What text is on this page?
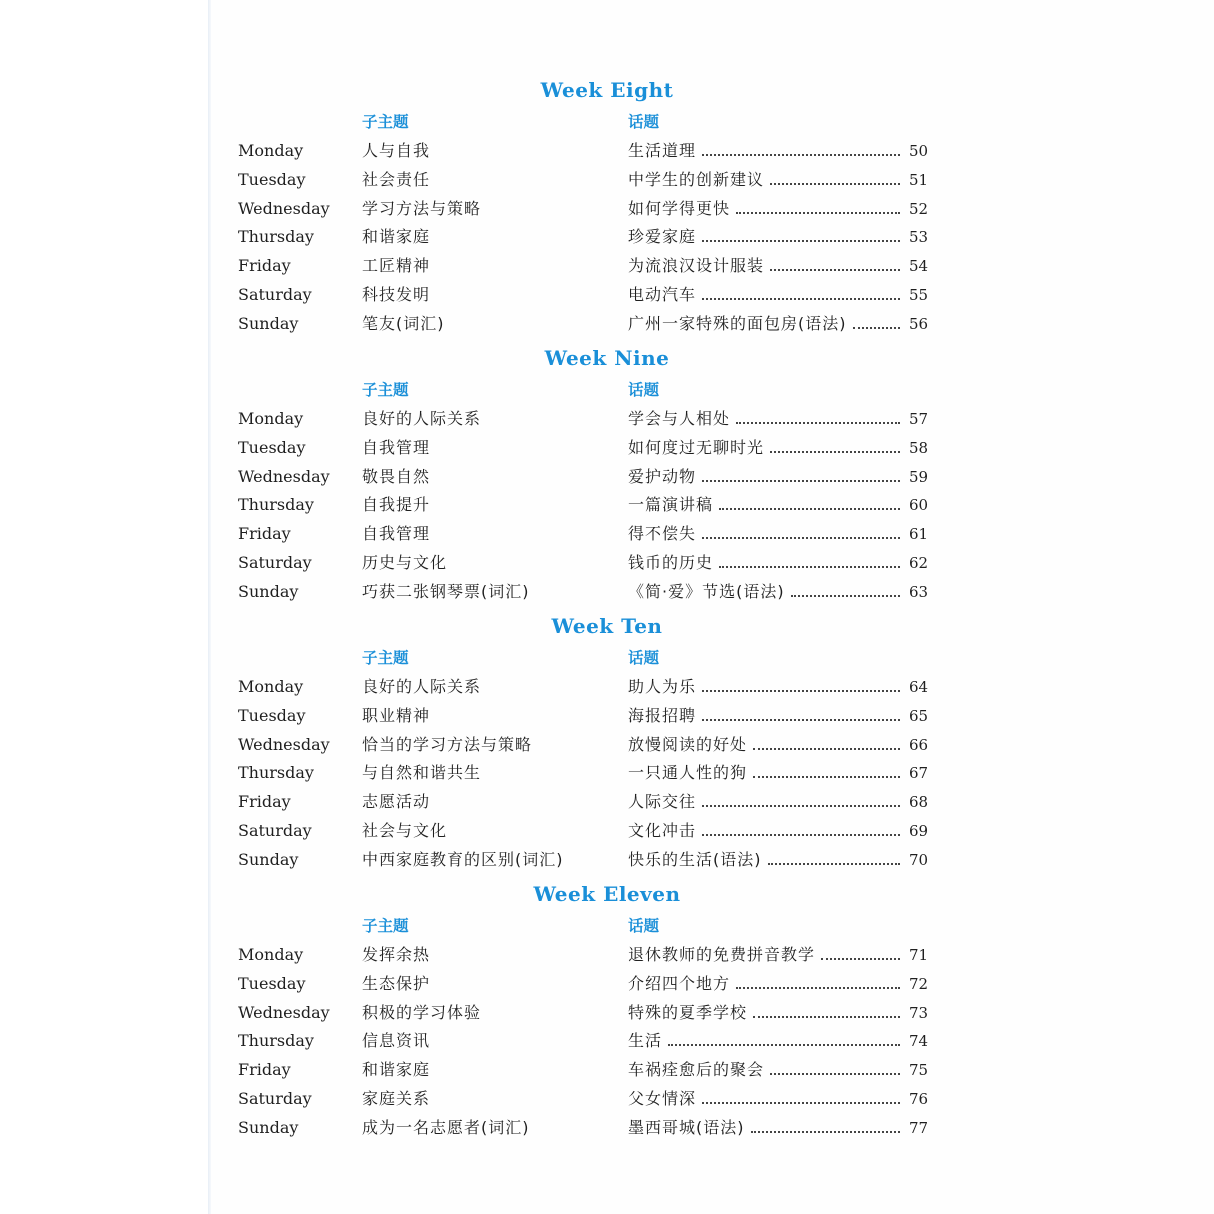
Week Eight
子主题	话题
Monday	人与自我	生活道理	50
Tuesday	社会责任	中学生的创新建议	51
Wednesday 学习方法与策略	如何学得更快	52
Thursday	和谐家庭	珍爱家庭	53
Friday	工匠精神	为流浪汉设计服装	54
Saturday	科技发明	电动汽车	55
Sunday	笔友(词汇)	广州一家特殊的面包房(语法)	56
Week Nine
子主题	话题
Monday	良好的人际关系	学会与人相处	57
Tuesday	自我管理	如何度过无聊时光	58
Wednesday 敬畏自然	爱护动物	59
Thursday	自我提升	一篇演讲稿	60
Friday	自我管理	得不偿失	61
Saturday	历史与文化	钱币的历史	62
Sunday	巧获二张钢琴票(词汇)	《简·爱》节选(语法)	63
Week Ten
子主题	话题
Monday	良好的人际关系	助人为乐	64
Tuesday	职业精神	海报招聘	65
Wednesday 恰当的学习方法与策略	放慢阅读的好处	66
Thursday	与自然和谐共生	一只通人性的狗	67
Friday	志愿活动	人际交往	68
Saturday	社会与文化	文化冲击	69
Sunday	中西家庭教育的区别(词汇)	快乐的生活(语法)	70
Week Eleven
子主题	话题
Monday	发挥余热	退休教师的免费拼音教学	71
Tuesday	生态保护	介绍四个地方	72
Wednesday 积极的学习体验	特殊的夏季学校	73
Thursday	信息资讯	生活	74
Friday	和谐家庭	车祸痊愈后的聚会	75
Saturday	家庭关系	父女情深	76
Sunday	成为一名志愿者(词汇)	墨西哥城(语法)	77
